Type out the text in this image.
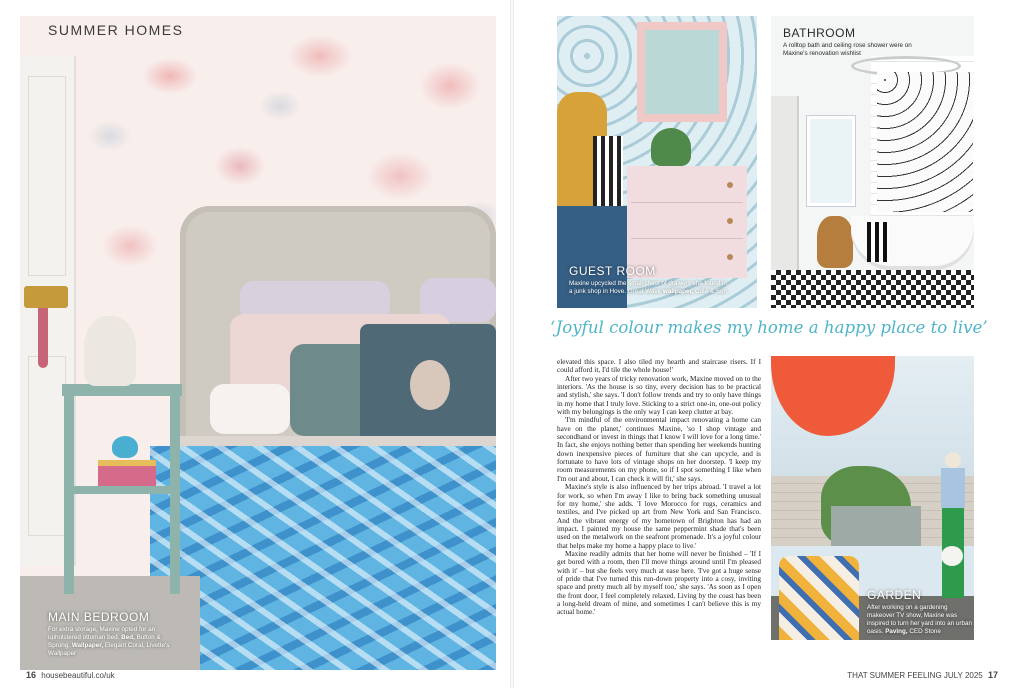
MAIN BEDROOM
For extra storage, Maxine opted for an upholstered ottoman bed. Bed, Button & Sprung. Wallpaper, Elegant Coral, Livette's Wallpaper
SUMMER HOMES
16 housebeautiful.co/uk
GUEST ROOM
Maxine upcycled the small chest of drawers she found in a junk shop in Hove. Great Wave wallpaper, Cole & Son
BATHROOM
A rolltop bath and ceiling rose shower were on Maxine's renovation wishlist
‘Joyful colour makes my home a happy place to live’

elevated this space. I also tiled my hearth and staircase risers. If I could afford it, I'd tile the whole house!'

After two years of tricky renovation work, Maxine moved on to the interiors. 'As the house is so tiny, every decision has to be practical and stylish,' she says. 'I don't follow trends and try to only have things in my home that I truly love. Sticking to a strict one-in, one-out policy with my belongings is the only way I can keep clutter at bay.

'I'm mindful of the environmental impact renovating a home can have on the planet,' continues Maxine, 'so I shop vintage and secondhand or invest in things that I know I will love for a long time.' In fact, she enjoys nothing better than spending her weekends hunting down inexpensive pieces of furniture that she can upcycle, and is fortunate to have lots of vintage shops on her doorstep. 'I keep my room measurements on my phone, so if I spot something I like when I'm out and about, I can check it will fit,' she says.

Maxine's style is also influenced by her trips abroad. 'I travel a lot for work, so when I'm away I like to bring back something unusual for my home,' she adds. 'I love Morocco for rugs, ceramics and textiles, and I've picked up art from New York and San Francisco. And the vibrant energy of my hometown of Brighton has had an impact. I painted my house the same peppermint shade that's been used on the metalwork on the seafront promenade. It's a joyful colour that helps make my home a happy place to live.'

Maxine readily admits that her home will never be finished – 'If I get bored with a room, then I'll move things around until I'm pleased with it' – but she feels very much at ease here. 'I've got a huge sense of pride that I've turned this run-down property into a cosy, inviting space and pretty much all by myself too,' she says. 'As soon as I open the front door, I feel completely relaxed. Living by the coast has been a long-held dream of mine, and sometimes I can't believe this is my actual home.'

GARDEN
After working on a gardening makeover TV show, Maxine was inspired to turn her yard into an urban oasis. Paving, CED Stone
THAT SUMMER FEELING JULY 2025 17
